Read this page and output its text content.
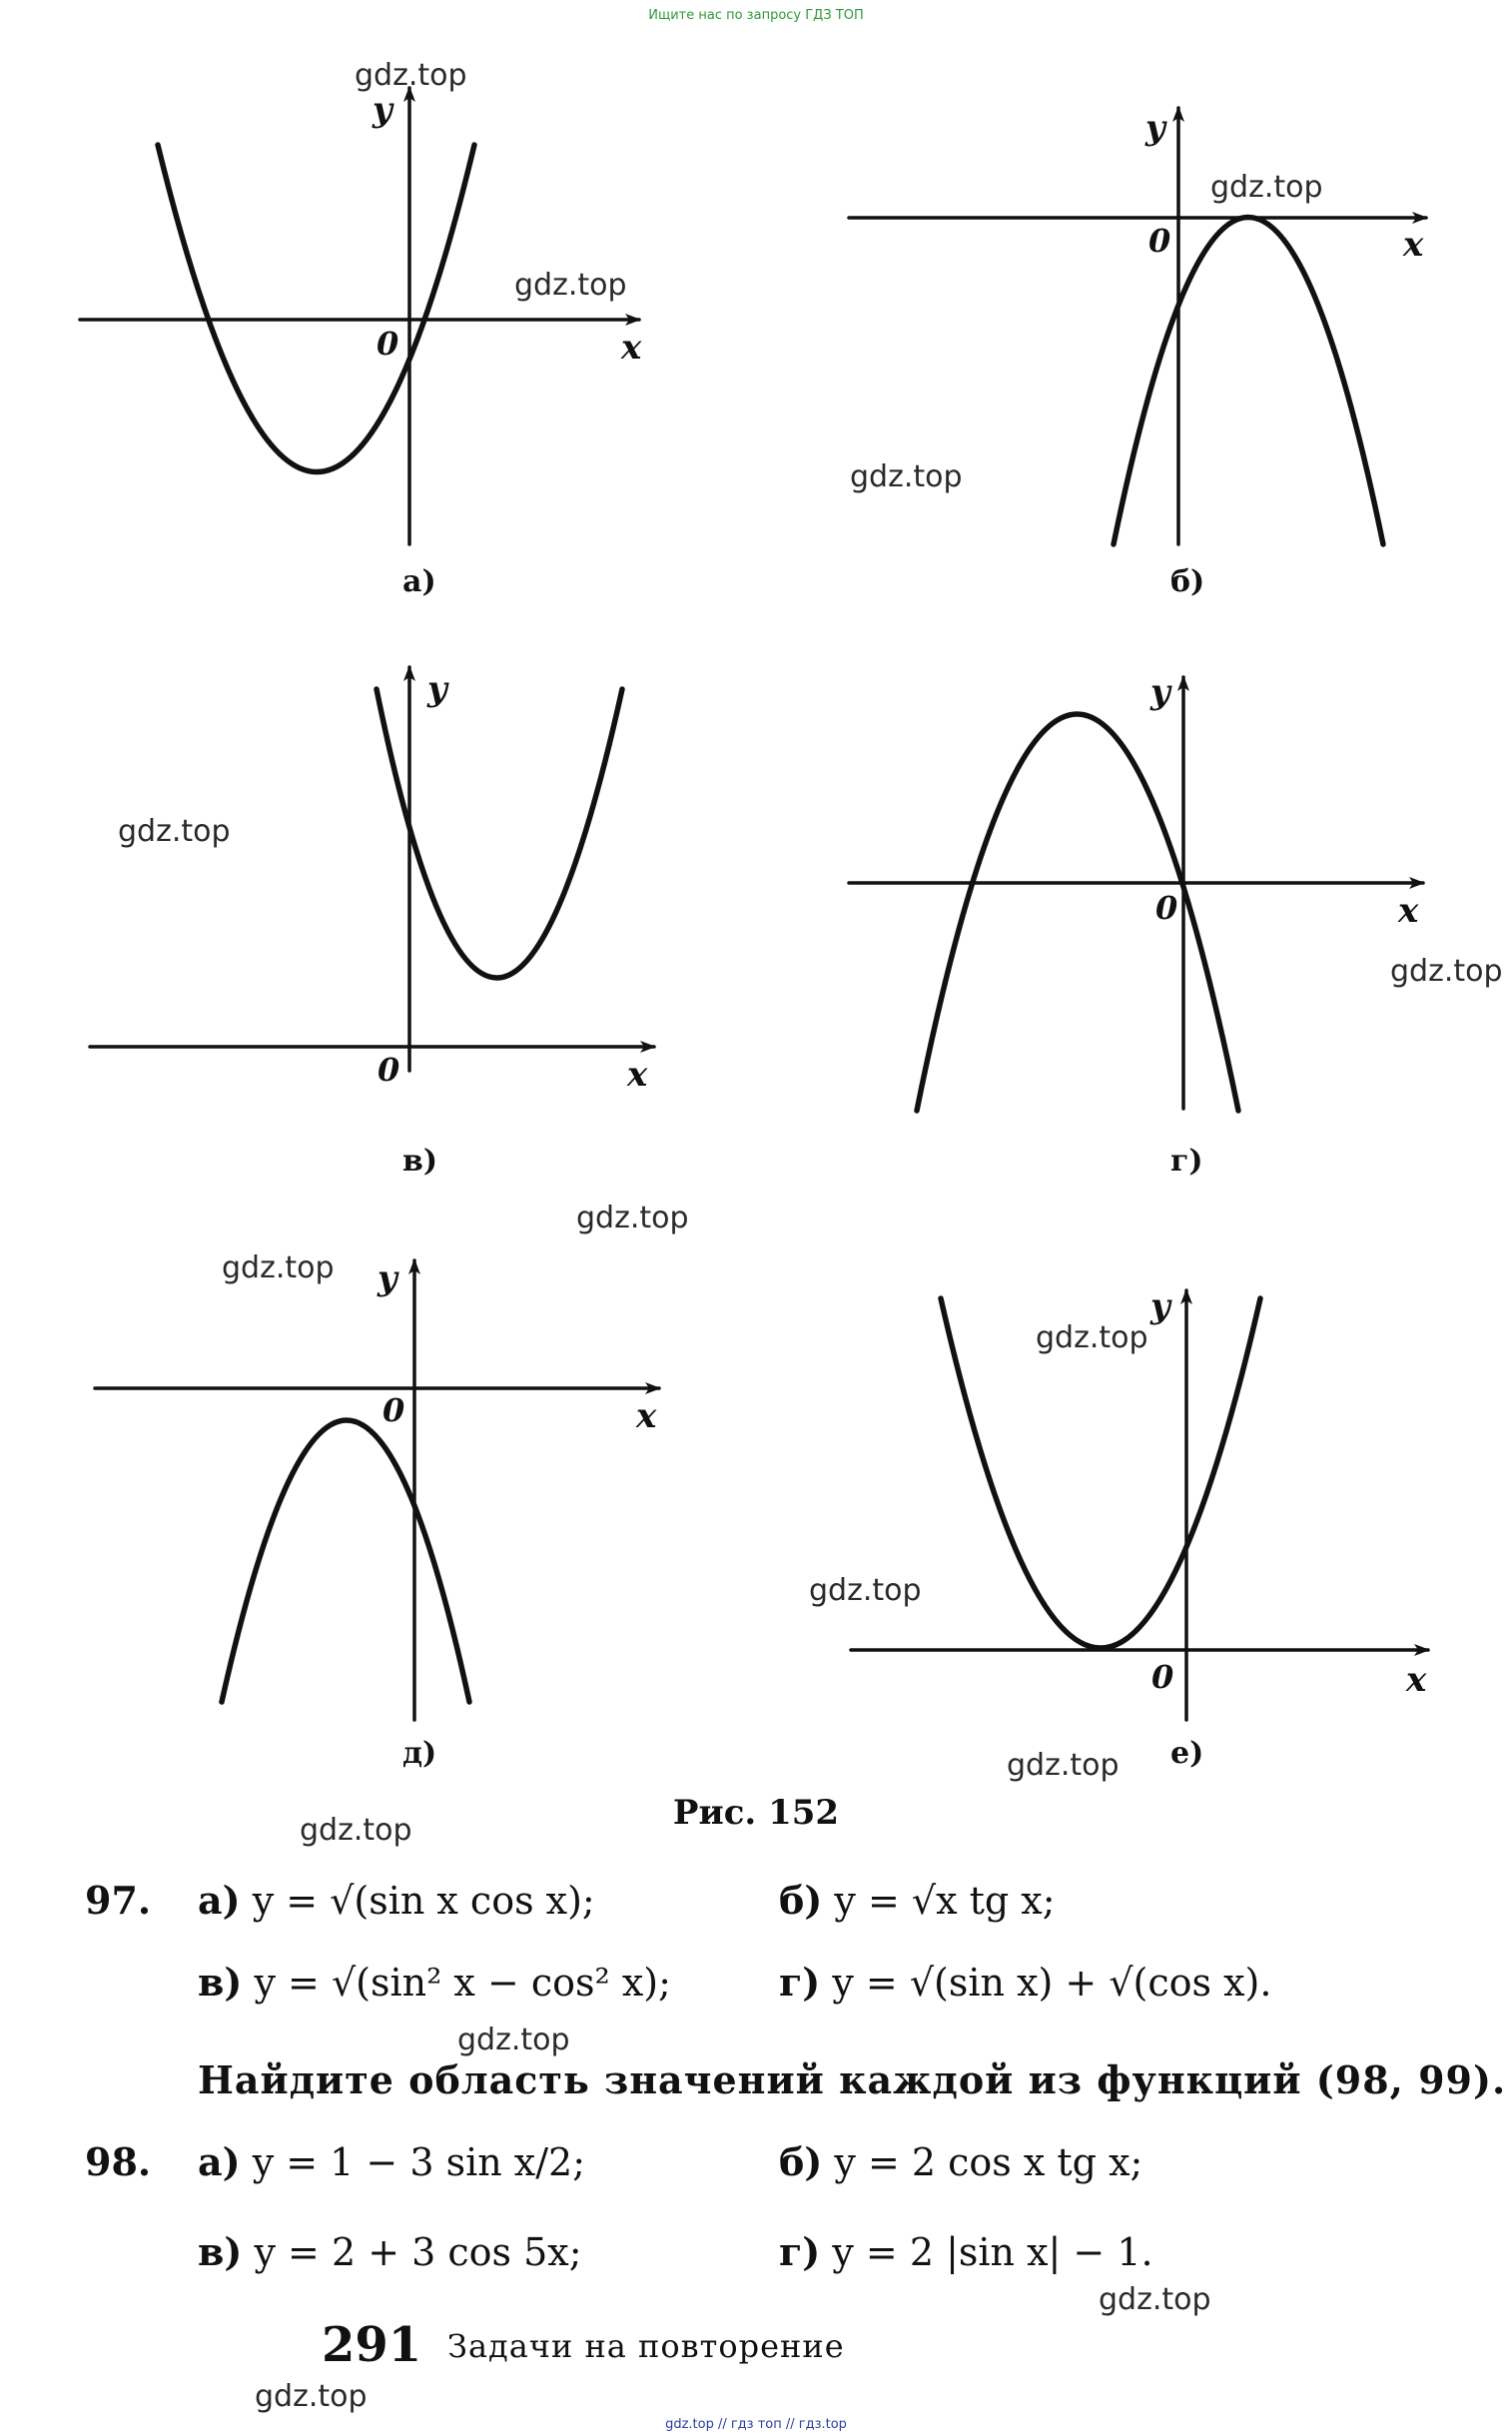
Ищите нас по запросу ГДЗ ТОП
y
x
0
y
x
0
y
x
0
y
x
0
y
x
0
y
x
0
а)	б)
в)	г)
д)	е)
Рис. 152
gdz.top
gdz.top
gdz.top
gdz.top
gdz.top
gdz.top
gdz.top
gdz.top
gdz.top
gdz.top
gdz.top
gdz.top
gdz.top
gdz.top
gdz.top
97. а) y = √(sin x cos x);	б) y = √x tg x;
в) y = √(sin² x − cos² x);	г) y = √(sin x) + √(cos x).
Найдите область значений каждой из функций (98, 99).
98. а) y = 1 − 3 sin x/2;	б) y = 2 cos x tg x;
в) y = 2 + 3 cos 5x;	г) y = 2 |sin x| − 1.
291 Задачи на повторение
gdz.top // гдз топ // гдз.top
